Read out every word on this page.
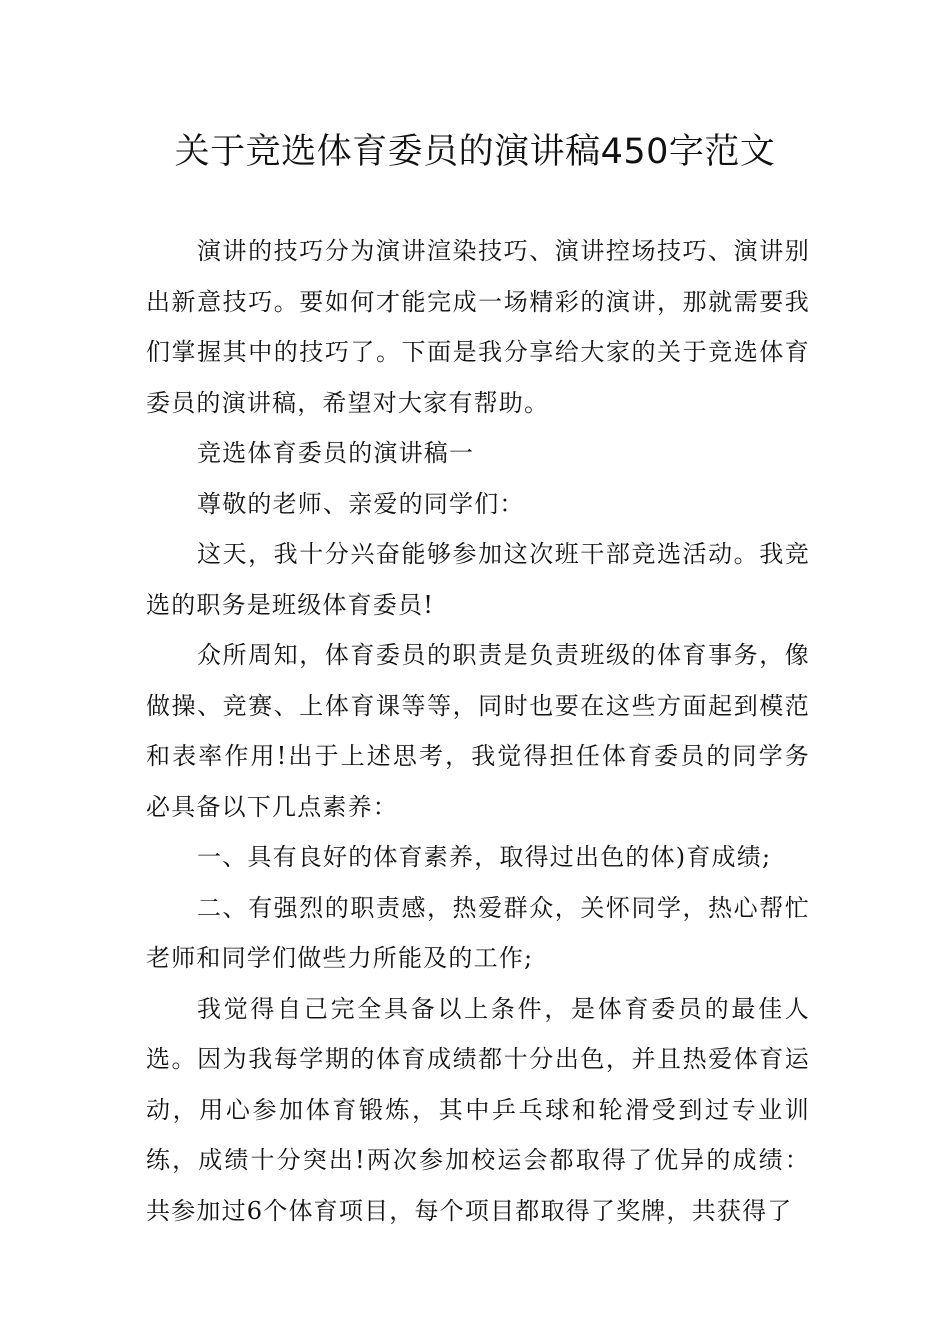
关于竞选体育委员的演讲稿450字范文

演讲的技巧分为演讲渲染技巧、演讲控场技巧、演讲别出新意技巧。要如何才能完成一场精彩的演讲，那就需要我们掌握其中的技巧了。下面是我分享给大家的关于竞选体育委员的演讲稿，希望对大家有帮助。

竞选体育委员的演讲稿一

尊敬的老师、亲爱的同学们：

这天，我十分兴奋能够参加这次班干部竞选活动。我竞选的职务是班级体育委员!

众所周知，体育委员的职责是负责班级的体育事务，像做操、竞赛、上体育课等等，同时也要在这些方面起到模范和表率作用!出于上述思考，我觉得担任体育委员的同学务必具备以下几点素养：

一、具有良好的体育素养，取得过出色的体)育成绩;

二、有强烈的职责感，热爱群众，关怀同学，热心帮忙老师和同学们做些力所能及的工作;

我觉得自己完全具备以上条件，是体育委员的最佳人选。因为我每学期的体育成绩都十分出色，并且热爱体育运动，用心参加体育锻炼，其中乒乓球和轮滑受到过专业训练，成绩十分突出!两次参加校运会都取得了优异的成绩：共参加过6个体育项目，每个项目都取得了奖牌，共获得了
